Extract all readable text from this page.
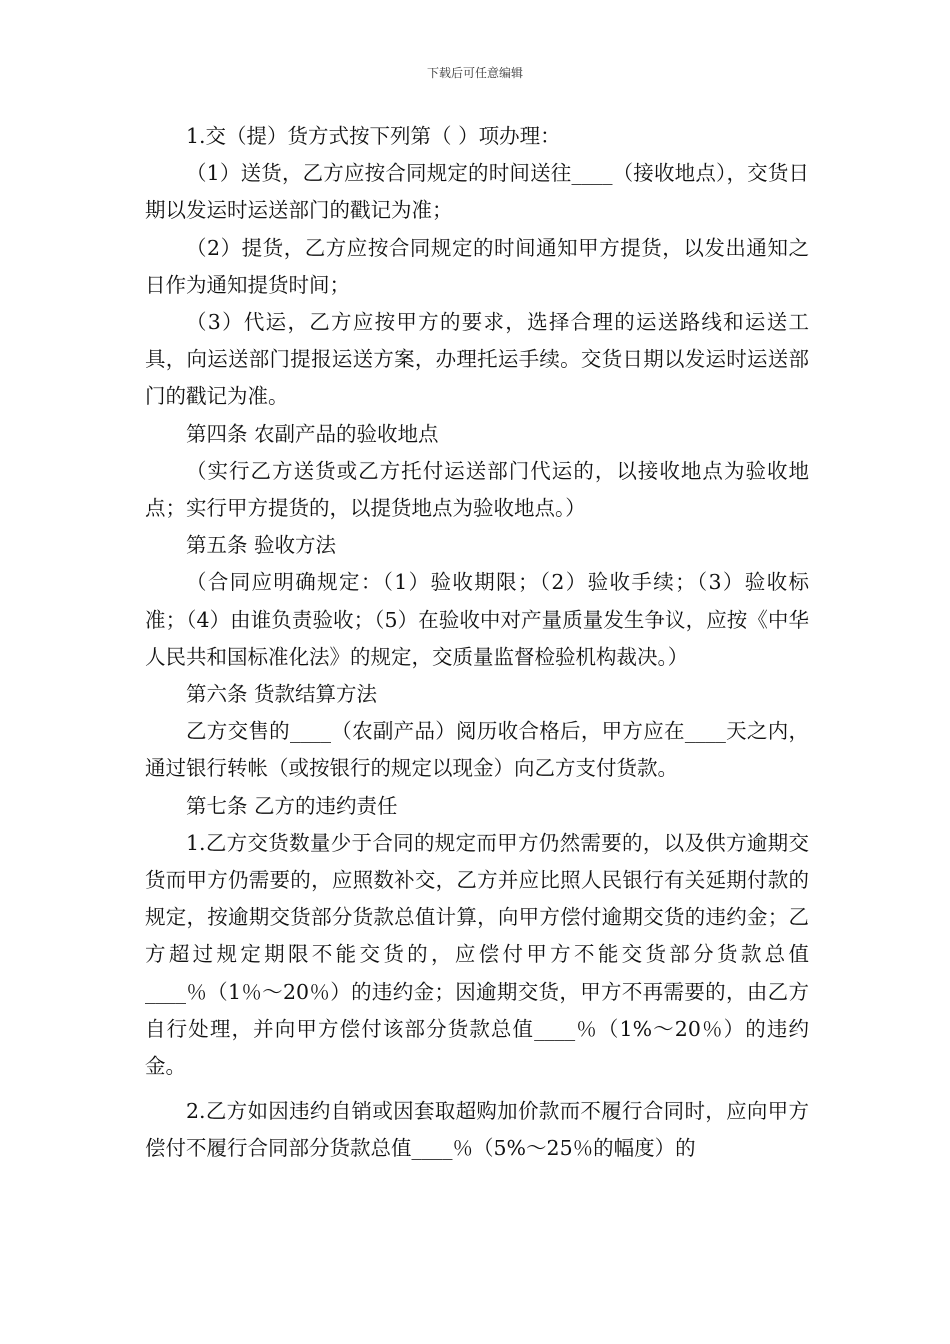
下载后可任意编辑

1.交（提）货方式按下列第（ ）项办理：

（1）送货，乙方应按合同规定的时间送往____（接收地点），交货日期以发运时运送部门的戳记为准；

（2）提货，乙方应按合同规定的时间通知甲方提货，以发出通知之日作为通知提货时间；

（3）代运，乙方应按甲方的要求，选择合理的运送路线和运送工具，向运送部门提报运送方案，办理托运手续。交货日期以发运时运送部门的戳记为准。

第四条 农副产品的验收地点

（实行乙方送货或乙方托付运送部门代运的，以接收地点为验收地点；实行甲方提货的，以提货地点为验收地点。）

第五条 验收方法

（合同应明确规定：（1）验收期限；（2）验收手续；（3）验收标准；（4）由谁负责验收；（5）在验收中对产量质量发生争议，应按《中华人民共和国标准化法》的规定，交质量监督检验机构裁决。）

第六条 货款结算方法

乙方交售的____（农副产品）阅历收合格后，甲方应在____天之内，通过银行转帐（或按银行的规定以现金）向乙方支付货款。

第七条 乙方的违约责任

1.乙方交货数量少于合同的规定而甲方仍然需要的，以及供方逾期交货而甲方仍需要的，应照数补交，乙方并应比照人民银行有关延期付款的规定，按逾期交货部分货款总值计算，向甲方偿付逾期交货的违约金；乙方超过规定期限不能交货的，应偿付甲方不能交货部分货款总值____％（1％～20％）的违约金；因逾期交货，甲方不再需要的，由乙方自行处理，并向甲方偿付该部分货款总值____％（1%～20％）的违约金。

2.乙方如因违约自销或因套取超购加价款而不履行合同时，应向甲方偿付不履行合同部分货款总值____％（5%～25％的幅度）的
